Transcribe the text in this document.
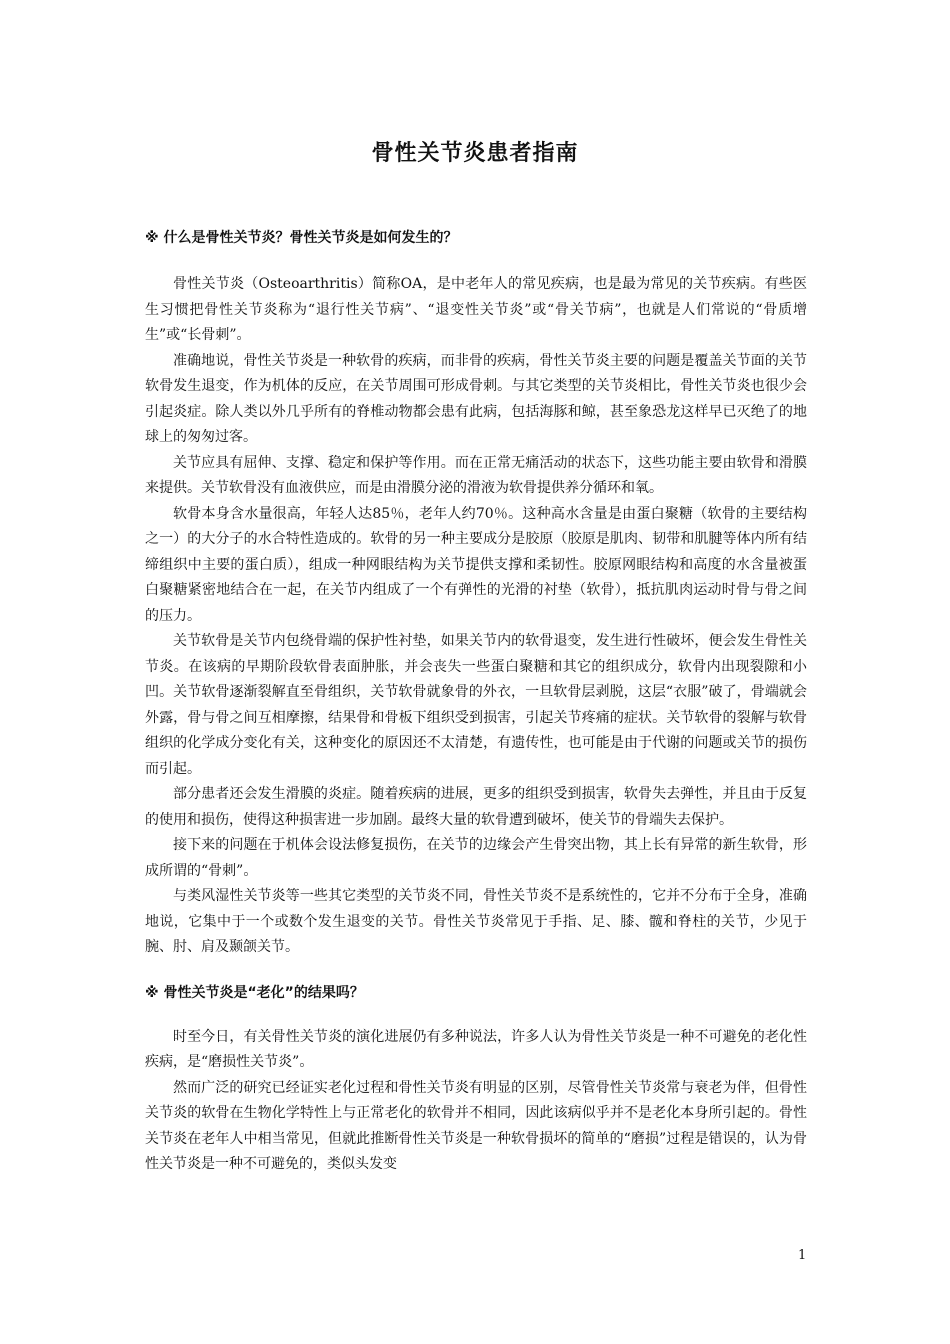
骨性关节炎患者指南

※ 什么是骨性关节炎？骨性关节炎是如何发生的？

骨性关节炎（Osteoarthritis）简称OA，是中老年人的常见疾病，也是最为常见的关节疾病。有些医生习惯把骨性关节炎称为“退行性关节病”、“退变性关节炎”或“骨关节病”，也就是人们常说的“骨质增生”或“长骨刺”。

准确地说，骨性关节炎是一种软骨的疾病，而非骨的疾病，骨性关节炎主要的问题是覆盖关节面的关节软骨发生退变，作为机体的反应，在关节周围可形成骨刺。与其它类型的关节炎相比，骨性关节炎也很少会引起炎症。除人类以外几乎所有的脊椎动物都会患有此病，包括海豚和鲸，甚至象恐龙这样早已灭绝了的地球上的匆匆过客。

关节应具有屈伸、支撑、稳定和保护等作用。而在正常无痛活动的状态下，这些功能主要由软骨和滑膜来提供。关节软骨没有血液供应，而是由滑膜分泌的滑液为软骨提供养分循环和氧。

软骨本身含水量很高，年轻人达85％，老年人约70％。这种高水含量是由蛋白聚糖（软骨的主要结构之一）的大分子的水合特性造成的。软骨的另一种主要成分是胶原（胶原是肌肉、韧带和肌腱等体内所有结缔组织中主要的蛋白质），组成一种网眼结构为关节提供支撑和柔韧性。胶原网眼结构和高度的水含量被蛋白聚糖紧密地结合在一起，在关节内组成了一个有弹性的光滑的衬垫（软骨），抵抗肌肉运动时骨与骨之间的压力。

关节软骨是关节内包绕骨端的保护性衬垫，如果关节内的软骨退变，发生进行性破坏，便会发生骨性关节炎。在该病的早期阶段软骨表面肿胀，并会丧失一些蛋白聚糖和其它的组织成分，软骨内出现裂隙和小凹。关节软骨逐渐裂解直至骨组织，关节软骨就象骨的外衣，一旦软骨层剥脱，这层“衣服”破了，骨端就会外露，骨与骨之间互相摩擦，结果骨和骨板下组织受到损害，引起关节疼痛的症状。关节软骨的裂解与软骨组织的化学成分变化有关，这种变化的原因还不太清楚，有遗传性，也可能是由于代谢的问题或关节的损伤而引起。

部分患者还会发生滑膜的炎症。随着疾病的进展，更多的组织受到损害，软骨失去弹性，并且由于反复的使用和损伤，使得这种损害进一步加剧。最终大量的软骨遭到破坏，使关节的骨端失去保护。

接下来的问题在于机体会设法修复损伤，在关节的边缘会产生骨突出物，其上长有异常的新生软骨，形成所谓的“骨刺”。

与类风湿性关节炎等一些其它类型的关节炎不同，骨性关节炎不是系统性的，它并不分布于全身，准确地说，它集中于一个或数个发生退变的关节。骨性关节炎常见于手指、足、膝、髋和脊柱的关节，少见于腕、肘、肩及颞颌关节。

※ 骨性关节炎是“老化”的结果吗？

时至今日，有关骨性关节炎的演化进展仍有多种说法，许多人认为骨性关节炎是一种不可避免的老化性疾病，是“磨损性关节炎”。

然而广泛的研究已经证实老化过程和骨性关节炎有明显的区别，尽管骨性关节炎常与衰老为伴，但骨性关节炎的软骨在生物化学特性上与正常老化的软骨并不相同，因此该病似乎并不是老化本身所引起的。骨性关节炎在老年人中相当常见，但就此推断骨性关节炎是一种软骨损坏的简单的“磨损”过程是错误的，认为骨性关节炎是一种不可避免的，类似头发变

1
